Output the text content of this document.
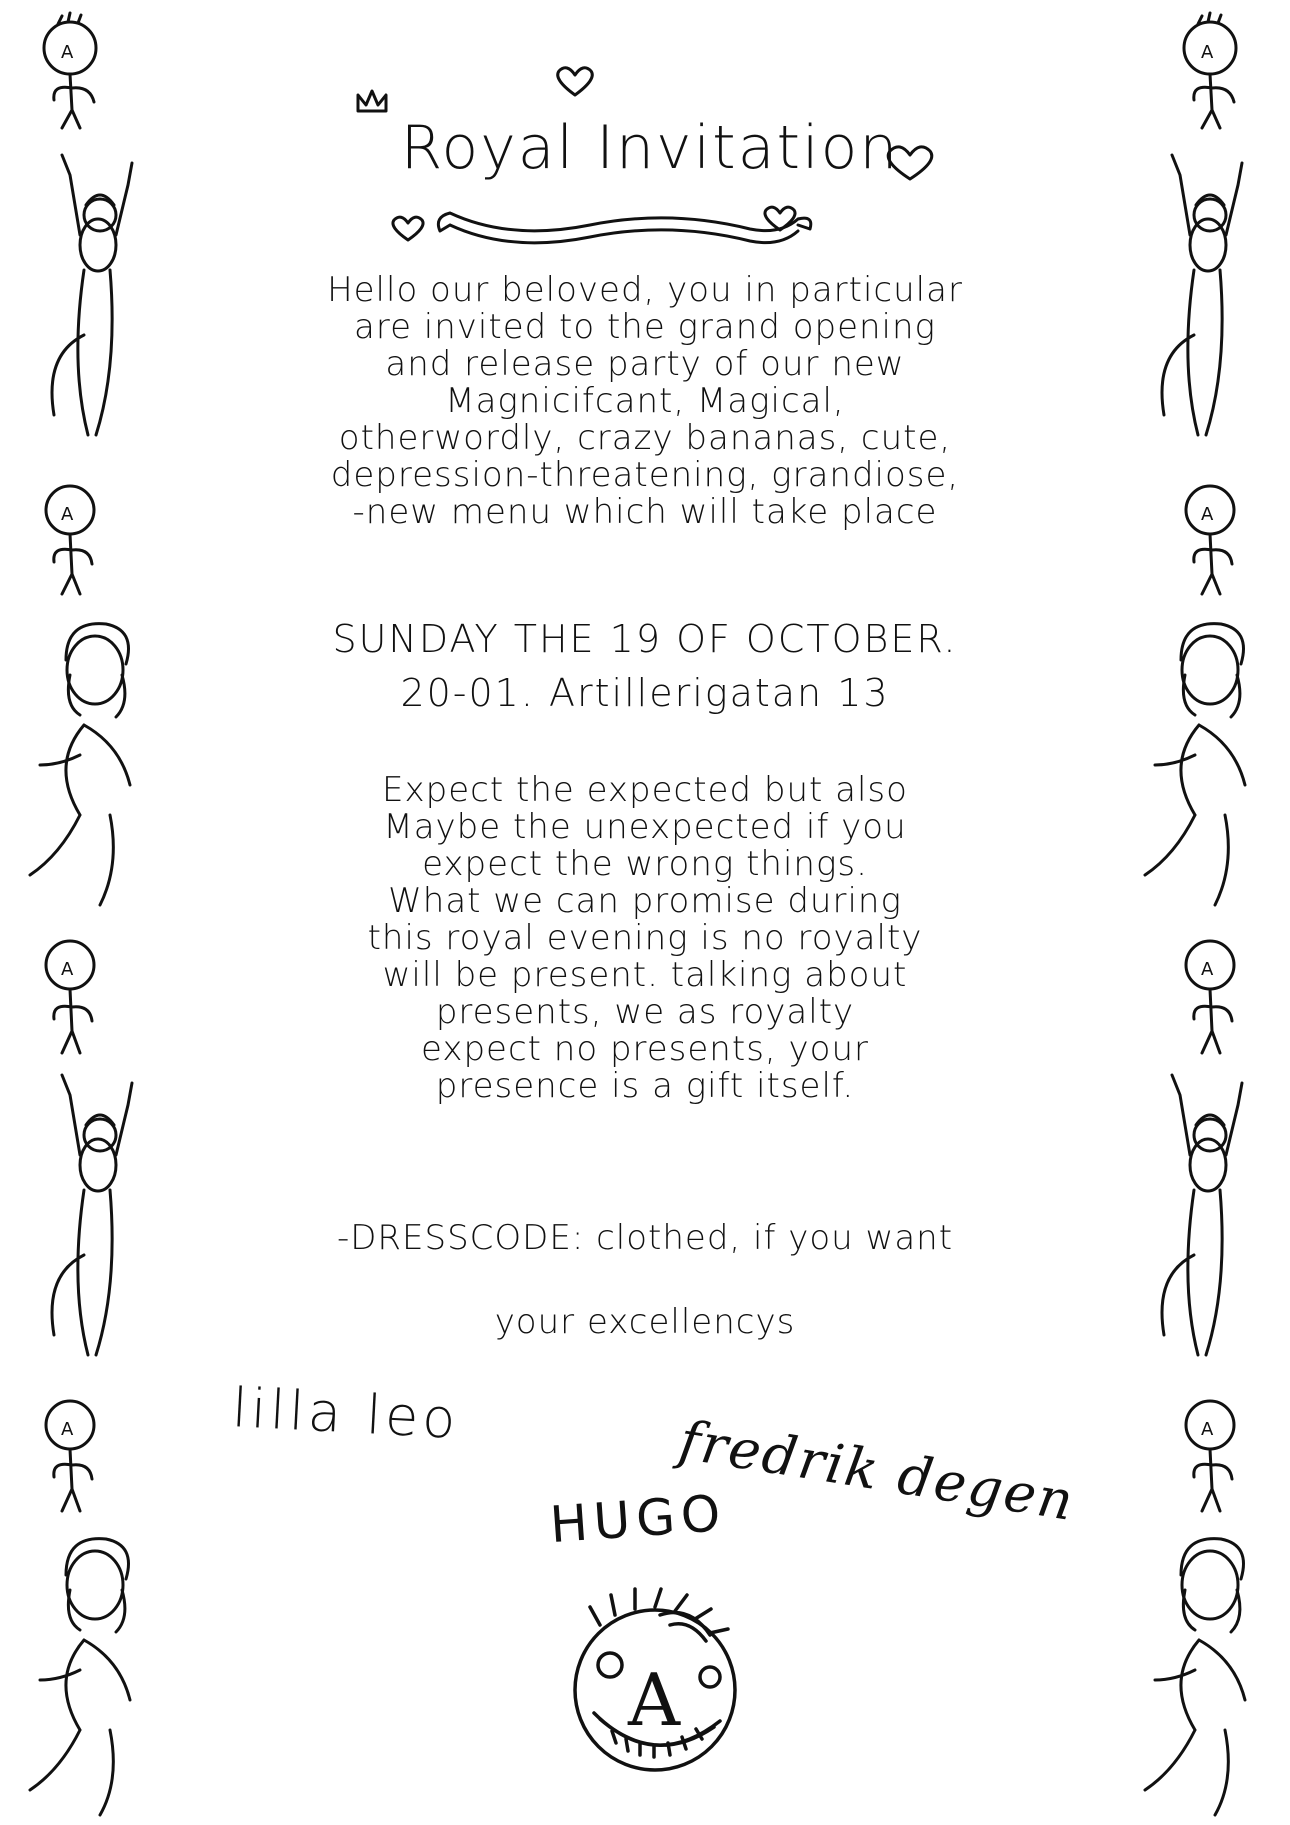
A
A
A
A
A
A
A
A
Royal Invitation
Hello our beloved, you in particular
are invited to the grand opening
and release party of our new
Magnicifcant, Magical,
otherwordly, crazy bananas, cute,
depression-threatening, grandiose,
-new menu which will take place
SUNDAY THE 19 OF OCTOBER.
20-01. Artillerigatan 13
Expect the expected but also
Maybe the unexpected if you
expect the wrong things.
What we can promise during
this royal evening is no royalty
will be present. talking about
presents, we as royalty
expect no presents, your
presence is a gift itself.
-DRESSCODE: clothed, if you want
your excellencys
lilla leo	fredrik degen
HUGO
A
